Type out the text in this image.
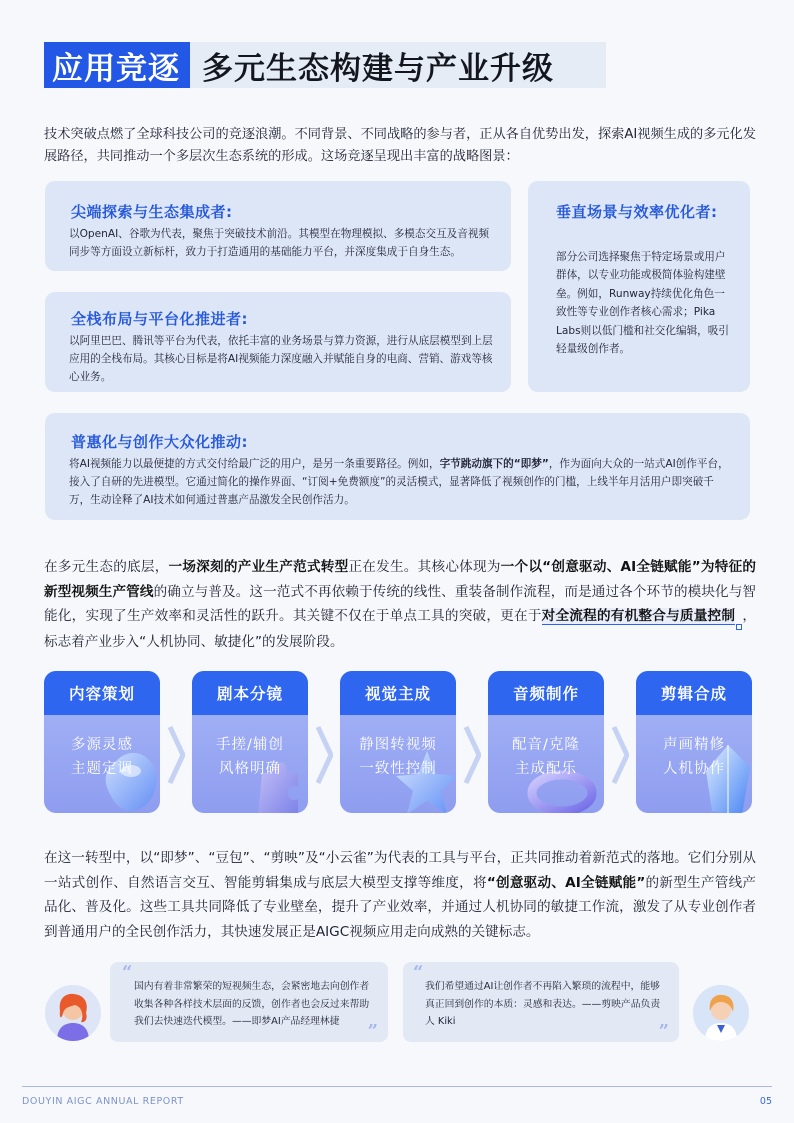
应用竞逐 多元生态构建与产业升级

技术突破点燃了全球科技公司的竞逐浪潮。不同背景、不同战略的参与者，正从各自优势出发，探索AI视频生成的多元化发展路径，共同推动一个多层次生态系统的形成。这场竞逐呈现出丰富的战略图景：

尖端探索与生态集成者:
以OpenAI、谷歌为代表，聚焦于突破技术前沿。其模型在物理模拟、多模态交互及音视频同步等方面设立新标杆，致力于打造通用的基础能力平台，并深度集成于自身生态。
全栈布局与平台化推进者:
以阿里巴巴、腾讯等平台为代表，依托丰富的业务场景与算力资源，进行从底层模型到上层应用的全栈布局。其核心目标是将AI视频能力深度融入并赋能自身的电商、营销、游戏等核心业务。
垂直场景与效率优化者:
部分公司选择聚焦于特定场景或用户群体，以专业功能或极简体验构建壁垒。例如，Runway持续优化角色一致性等专业创作者核心需求；Pika Labs则以低门槛和社交化编辑，吸引轻量级创作者。
普惠化与创作大众化推动:
将AI视频能力以最便捷的方式交付给最广泛的用户，是另一条重要路径。例如，字节跳动旗下的“即梦”，作为面向大众的一站式AI创作平台，接入了自研的先进模型。它通过简化的操作界面、“订阅+免费额度”的灵活模式，显著降低了视频创作的门槛，上线半年月活用户即突破千万，生动诠释了AI技术如何通过普惠产品激发全民创作活力。

在多元生态的底层，一场深刻的产业生产范式转型正在发生。其核心体现为一个以“创意驱动、AI全链赋能”为特征的新型视频生产管线的确立与普及。这一范式不再依赖于传统的线性、重装备制作流程，而是通过各个环节的模块化与智能化，实现了生产效率和灵活性的跃升。其关键不仅在于单点工具的突破，更在于对全流程的有机整合与质量控制 ，标志着产业步入“人机协同、敏捷化”的发展阶段。

内容策划
多源灵感
主题定调
剧本分镜
手搓/辅创
风格明确
视觉主成
静图转视频
一致性控制
音频制作
配音/克隆
主成配乐
剪辑合成
声画精修
人机协作

在这一转型中，以“即梦”、“豆包”、“剪映”及“小云雀”为代表的工具与平台，正共同推动着新范式的落地。它们分别从一站式创作、自然语言交互、智能剪辑集成与底层大模型支撑等维度，将“创意驱动、AI全链赋能”的新型生产管线产品化、普及化。这些工具共同降低了专业壁垒，提升了产业效率，并通过人机协同的敏捷工作流，激发了从专业创作者到普通用户的全民创作活力，其快速发展正是AIGC视频应用走向成熟的关键标志。

“
国内有着非常繁荣的短视频生态，会紧密地去向创作者收集各种各样技术层面的反馈，创作者也会反过来帮助我们去快速迭代模型。——即梦AI产品经理林捷	”
“
我们希望通过AI让创作者不再陷入繁琐的流程中，能够真正回到创作的本质：灵感和表达。——剪映产品负责人 Kiki	”
DOUYIN AIGC ANNUAL REPORT	05
